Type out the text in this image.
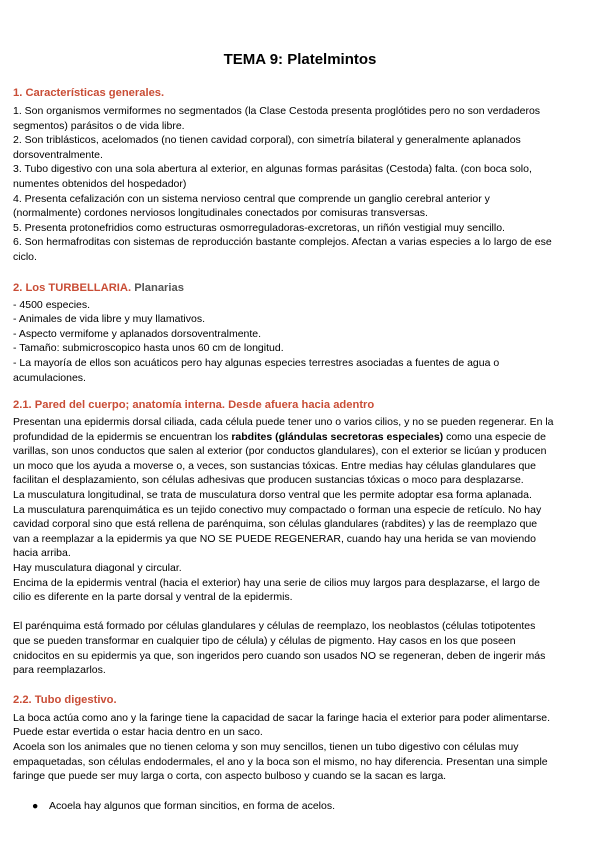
TEMA 9: Platelmintos
1. Características generales.

1. Son organismos vermiformes no segmentados (la Clase Cestoda presenta proglótides pero no son verdaderos

segmentos) parásitos o de vida libre.

2. Son triblásticos, acelomados (no tienen cavidad corporal), con simetría bilateral y generalmente aplanados

dorsoventralmente.

3. Tubo digestivo con una sola abertura al exterior, en algunas formas parásitas (Cestoda) falta. (con boca solo,

numentes obtenidos del hospedador)

4. Presenta cefalización con un sistema nervioso central que comprende un ganglio cerebral anterior y

(normalmente) cordones nerviosos longitudinales conectados por comisuras transversas.

5. Presenta protonefridios como estructuras osmorreguladoras-excretoras, un riñón vestigial muy sencillo.

6. Son hermafroditas con sistemas de reproducción bastante complejos. Afectan a varias especies a lo largo de ese

ciclo.

2. Los TURBELLARIA. Planarias

- 4500 especies.

- Animales de vida libre y muy llamativos.

- Aspecto vermifome y aplanados dorsoventralmente.

- Tamaño: submicroscopico hasta unos 60 cm de longitud.

- La mayoría de ellos son acuáticos pero hay algunas especies terrestres asociadas a fuentes de agua o

acumulaciones.

2.1. Pared del cuerpo; anatomía interna. Desde afuera hacia adentro

Presentan una epidermis dorsal ciliada, cada célula puede tener uno o varios cilios, y no se pueden regenerar. En la

profundidad de la epidermis se encuentran los rabdites (glándulas secretoras especiales) como una especie de

varillas, son unos conductos que salen al exterior (por conductos glandulares), con el exterior se licúan y producen

un moco que los ayuda a moverse o, a veces, son sustancias tóxicas. Entre medias hay células glandulares que

facilitan el desplazamiento, son células adhesivas que producen sustancias tóxicas o moco para desplazarse.

La musculatura longitudinal, se trata de musculatura dorso ventral que les permite adoptar esa forma aplanada.

La musculatura parenquimática es un tejido conectivo muy compactado o forman una especie de retículo. No hay

cavidad corporal sino que está rellena de parénquima, son células glandulares (rabdites) y las de reemplazo que

van a reemplazar a la epidermis ya que NO SE PUEDE REGENERAR, cuando hay una herida se van moviendo

hacia arriba.

Hay musculatura diagonal y circular.

Encima de la epidermis ventral (hacia el exterior) hay una serie de cilios muy largos para desplazarse, el largo de

cilio es diferente en la parte dorsal y ventral de la epidermis.

El parénquima está formado por células glandulares y células de reemplazo, los neoblastos (células totipotentes

que se pueden transformar en cualquier tipo de célula) y células de pigmento. Hay casos en los que poseen

cnidocitos en su epidermis ya que, son ingeridos pero cuando son usados NO se regeneran, deben de ingerir más

para reemplazarlos.

2.2. Tubo digestivo.

La boca actúa como ano y la faringe tiene la capacidad de sacar la faringe hacia el exterior para poder alimentarse.

Puede estar evertida o estar hacia dentro en un saco.

Acoela son los animales que no tienen celoma y son muy sencillos, tienen un tubo digestivo con células muy

empaquetadas, son células endodermales, el ano y la boca son el mismo, no hay diferencia. Presentan una simple

faringe que puede ser muy larga o corta, con aspecto bulboso y cuando se la sacan es larga.

● Acoela hay algunos que forman sincitios, en forma de acelos.
